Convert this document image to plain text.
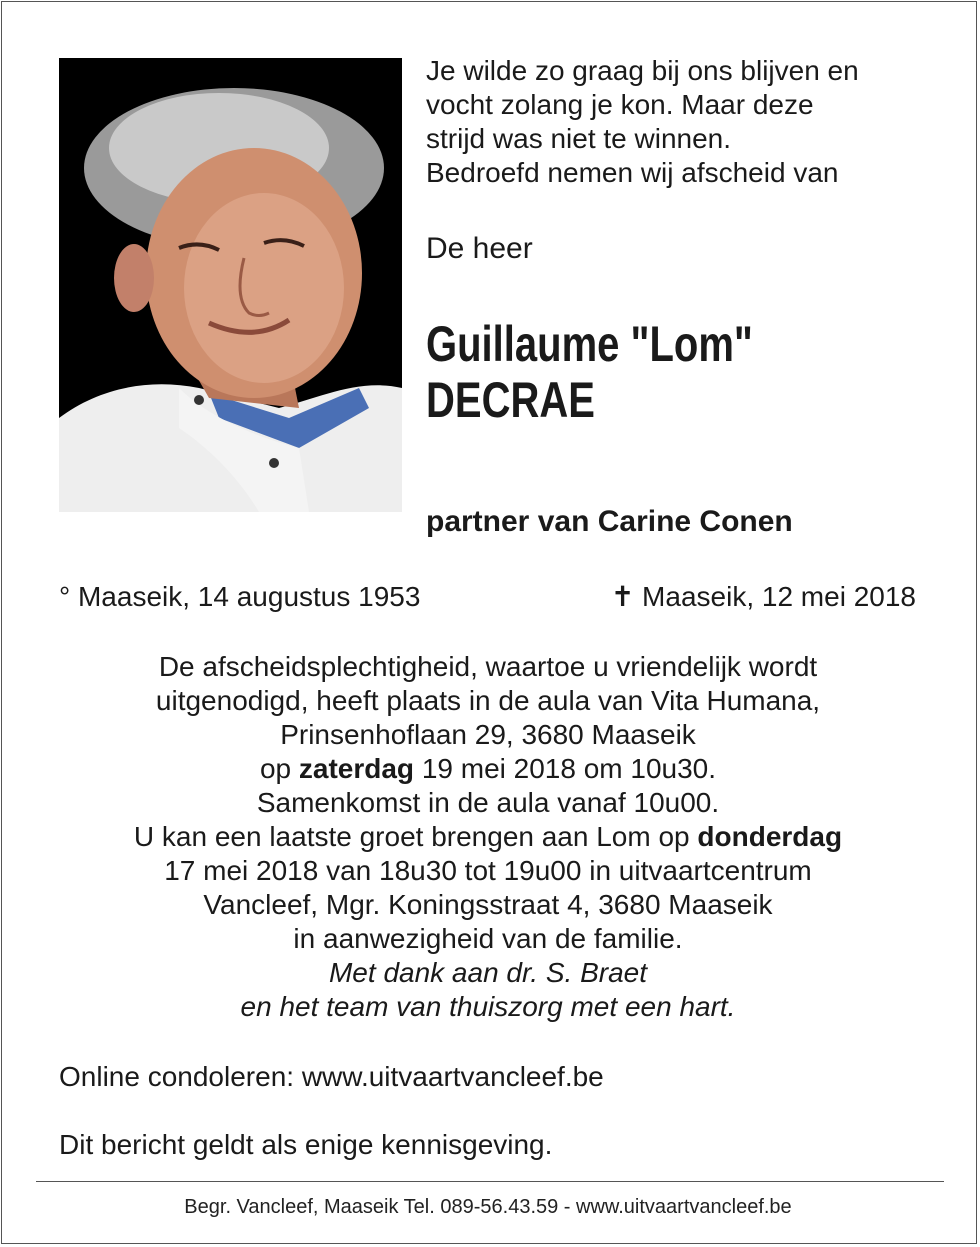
Je wilde zo graag bij ons blijven en
vocht zolang je kon. Maar deze
strijd was niet te winnen.
Bedroefd nemen wij afscheid van
De heer
Guillaume "Lom"
DECRAE
partner van Carine Conen
° Maaseik, 14 augustus 1953	✝ Maaseik, 12 mei 2018
De afscheidsplechtigheid, waartoe u vriendelijk wordt
uitgenodigd, heeft plaats in de aula van Vita Humana,
Prinsenhoflaan 29, 3680 Maaseik
op zaterdag 19 mei 2018 om 10u30.
Samenkomst in de aula vanaf 10u00.
U kan een laatste groet brengen aan Lom op donderdag
17 mei 2018 van 18u30 tot 19u00 in uitvaartcentrum
Vancleef, Mgr. Koningsstraat 4, 3680 Maaseik
in aanwezigheid van de familie.
Met dank aan dr. S. Braet
en het team van thuiszorg met een hart.
Online condoleren: www.uitvaartvancleef.be
Dit bericht geldt als enige kennisgeving.
Begr. Vancleef, Maaseik Tel. 089-56.43.59 - www.uitvaartvancleef.be
